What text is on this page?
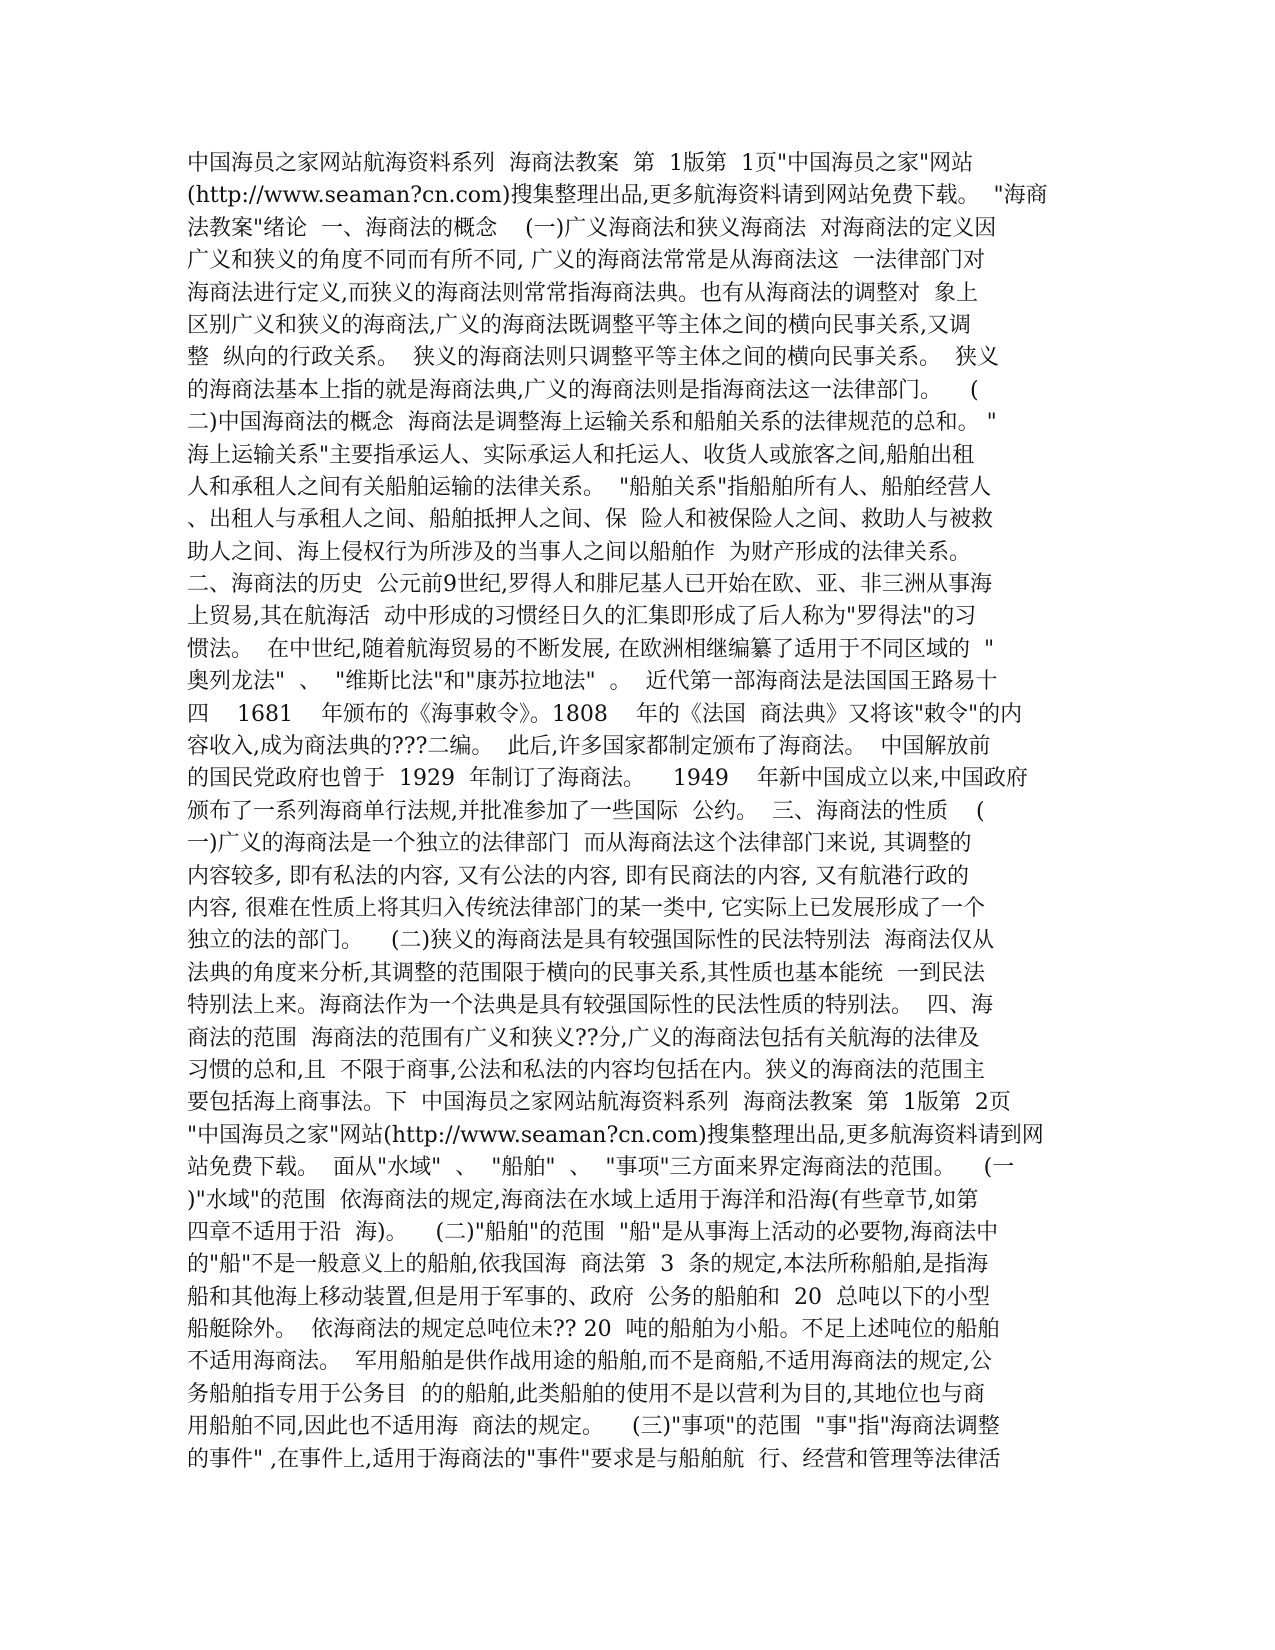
中国海员之家网站航海资料系列  海商法教案  第  1版第  1页"中国海员之家"网站
(http://www.seaman?cn.com)搜集整理出品,更多航海资料请到网站免费下载。  "海商
法教案"绪论  一、海商法的概念    (一)广义海商法和狭义海商法  对海商法的定义因
广义和狭义的角度不同而有所不同, 广义的海商法常常是从海商法这  一法律部门对
海商法进行定义,而狭义的海商法则常常指海商法典。也有从海商法的调整对  象上
区别广义和狭义的海商法,广义的海商法既调整平等主体之间的横向民事关系,又调
整  纵向的行政关系。  狭义的海商法则只调整平等主体之间的横向民事关系。  狭义
的海商法基本上指的就是海商法典,广义的海商法则是指海商法这一法律部门。    (
二)中国海商法的概念  海商法是调整海上运输关系和船舶关系的法律规范的总和。 "
海上运输关系"主要指承运人、实际承运人和托运人、收货人或旅客之间,船舶出租
人和承租人之间有关船舶运输的法律关系。  "船舶关系"指船舶所有人、船舶经营人
、出租人与承租人之间、船舶抵押人之间、保  险人和被保险人之间、救助人与被救
助人之间、海上侵权行为所涉及的当事人之间以船舶作  为财产形成的法律关系。
二、海商法的历史  公元前9世纪,罗得人和腓尼基人已开始在欧、亚、非三洲从事海
上贸易,其在航海活  动中形成的习惯经日久的汇集即形成了后人称为"罗得法"的习
惯法。  在中世纪,随着航海贸易的不断发展, 在欧洲相继编纂了适用于不同区域的  "
奥列龙法"  、  "维斯比法"和"康苏拉地法"  。  近代第一部海商法是法国国王路易十
四    1681    年颁布的《海事敕令》。1808    年的《法国  商法典》又将该"敕令"的内
容收入,成为商法典的???二编。  此后,许多国家都制定颁布了海商法。  中国解放前
的国民党政府也曾于  1929  年制订了海商法。    1949    年新中国成立以来,中国政府
颁布了一系列海商单行法规,并批准参加了一些国际  公约。  三、海商法的性质    (
一)广义的海商法是一个独立的法律部门  而从海商法这个法律部门来说, 其调整的
内容较多, 即有私法的内容, 又有公法的内容, 即有民商法的内容, 又有航港行政的
内容, 很难在性质上将其归入传统法律部门的某一类中, 它实际上已发展形成了一个
独立的法的部门。    (二)狭义的海商法是具有较强国际性的民法特别法  海商法仅从
法典的角度来分析,其调整的范围限于横向的民事关系,其性质也基本能统  一到民法
特别法上来。海商法作为一个法典是具有较强国际性的民法性质的特别法。  四、海
商法的范围  海商法的范围有广义和狭义??分,广义的海商法包括有关航海的法律及
习惯的总和,且  不限于商事,公法和私法的内容均包括在内。狭义的海商法的范围主
要包括海上商事法。下  中国海员之家网站航海资料系列  海商法教案  第  1版第  2页
"中国海员之家"网站(http://www.seaman?cn.com)搜集整理出品,更多航海资料请到网
站免费下载。  面从"水域"  、  "船舶"  、  "事项"三方面来界定海商法的范围。    (一
)"水域"的范围  依海商法的规定,海商法在水域上适用于海洋和沿海(有些章节,如第
四章不适用于沿  海)。    (二)"船舶"的范围  "船"是从事海上活动的必要物,海商法中
的"船"不是一般意义上的船舶,依我国海  商法第  3  条的规定,本法所称船舶,是指海
船和其他海上移动装置,但是用于军事的、政府  公务的船舶和  20  总吨以下的小型
船艇除外。  依海商法的规定总吨位未?? 20  吨的船舶为小船。不足上述吨位的船舶
不适用海商法。  军用船舶是供作战用途的船舶,而不是商船,不适用海商法的规定,公
务船舶指专用于公务目  的的船舶,此类船舶的使用不是以营利为目的,其地位也与商
用船舶不同,因此也不适用海  商法的规定。    (三)"事项"的范围  "事"指"海商法调整
的事件" ,在事件上,适用于海商法的"事件"要求是与船舶航  行、经营和管理等法律活
